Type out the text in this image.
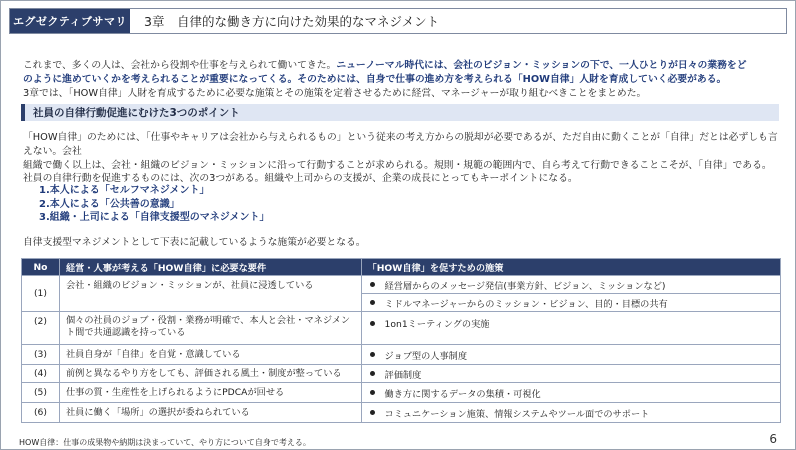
エグゼクティブサマリ	3章　自律的な働き方に向けた効果的なマネジメント

これまで、多くの人は、会社から役割や仕事を与えられて働いてきた。ニューノーマル時代には、会社のビジョン・ミッションの下で、一人ひとりが日々の業務をど

のように進めていくかを考えられることが重要になってくる。そのためには、自身で仕事の進め方を考えられる「HOW自律」人財を育成していく必要がある。

3章では、「HOW自律」人財を育成するために必要な施策とその施策を定着させるために経営、マネージャーが取り組むべきことをまとめた。

社員の自律行動促進にむけた3つのポイント

「HOW自律」のためには、「仕事やキャリアは会社から与えられるもの」という従来の考え方からの脱却が必要であるが、ただ自由に動くことが「自律」だとは必ずしも言えない。会社

組織で働く以上は、会社・組織のビジョン・ミッションに沿って行動することが求められる。規則・規範の範囲内で、自ら考えて行動できることこそが、「自律」である。

社員の自律行動を促進するものには、次の3つがある。組織や上司からの支援が、企業の成長にとってもキーポイントになる。
1.本人による「セルフマネジメント」
2.本人による「公共善の意識」
3.組織・上司による「自律支援型のマネジメント」
自律支援型マネジメントとして下表に記載しているような施策が必要となる。
No	経営・人事が考える「HOW自律」に必要な要件	「HOW自律」を促すための施策
(1)	会社・組織のビジョン・ミッションが、社員に浸透している	経営層からのメッセージ発信(事業方針、ビジョン、ミッションなど)

		ミドルマネージャーからのミッション・ビジョン、目的・目標の共有

(2)	個々の社員のジョブ・役割・業務が明確で、本人と会社・マネジメント間で共通認識を持っている	1on1ミーティングの実施

(3)	社員自身が「自律」を自覚・意識している	ジョブ型の人事制度

(4)	前例と異なるやり方をしても、評価される風土・制度が整っている	評価制度

(5)	仕事の質・生産性を上げられるようにPDCAが回せる	働き方に関するデータの集積・可視化

(6)	社員に働く「場所」の選択が委ねられている	コミュニケーション施策、情報システムやツール面でのサポート
HOW自律：仕事の成果物や納期は決まっていて、やり方について自身で考える。	6
